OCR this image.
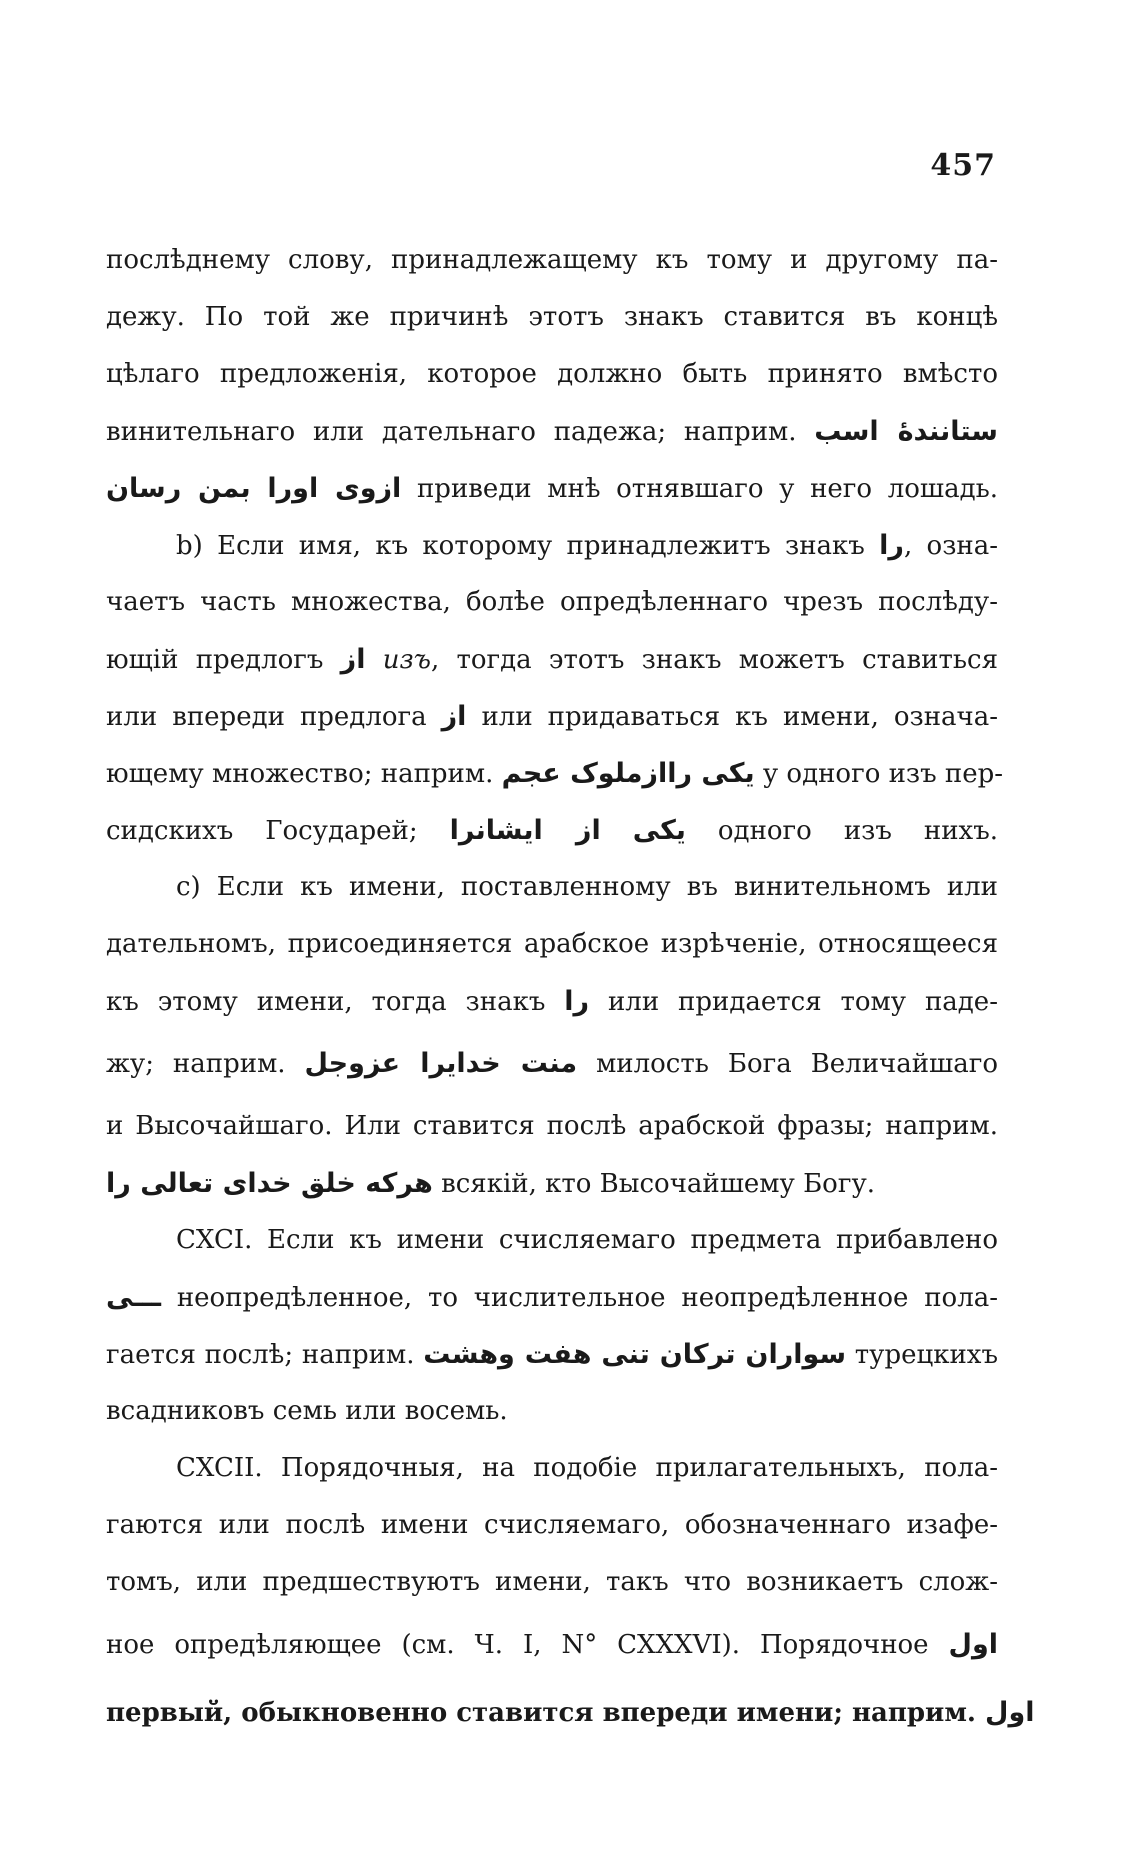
457
послѣднему слову, принадлежащему къ тому и другому па-
дежу. По той же причинѣ этотъ знакъ ставится въ концѣ
цѣлаго предложенія, которое должно быть принято вмѣсто
винительнаго или дательнаго падежа; наприм. ستانندهٔ اسب
ازوی اورا بمن رسان приведи мнѣ отнявшаго у него лошадь.
b) Если имя, къ которому принадлежитъ знакъ را, озна-
чаетъ часть множества, болѣе опредѣленнаго чрезъ послѣду-
ющій предлогъ از изъ, тогда этотъ знакъ можетъ ставиться
или впереди предлога از или придаваться къ имени, означа-
ющему множество; наприм. یکی راازملوک عجم у одного изъ пер-
сидскихъ Государей; از ایشانرا یکی одного изъ нихъ.
c) Если къ имени, поставленному въ винительномъ или
дательномъ, присоединяется арабское изрѣченіе, относящееся
къ этому имени, тогда знакъ را или придается тому паде-
жу; наприм. منت خدایرا عزوجل милость Бога Величайшаго
и Высочайшаго. Или ставится послѣ арабской фразы; наприм.
هرکه خلق خدای تعالی را всякій, кто Высочайшему Богу.
CXCI. Если къ имени счисляемаго предмета прибавлено
ـــی неопредѣленное, то числительное неопредѣленное пола-
гается послѣ; наприм. سواران ترکان تنی هفت وهشت турецкихъ
всадниковъ семь или восемь.
CXCII. Порядочныя, на подобіе прилагательныхъ, пола-
гаются или послѣ имени счисляемаго, обозначеннаго изафе-
томъ, или предшествуютъ имени, такъ что возникаетъ слож-
ное опредѣляющее (см. Ч. I, N° CXXXVI). Порядочное اول
первый, обыкновенно ставится впереди имени; наприм. اول
